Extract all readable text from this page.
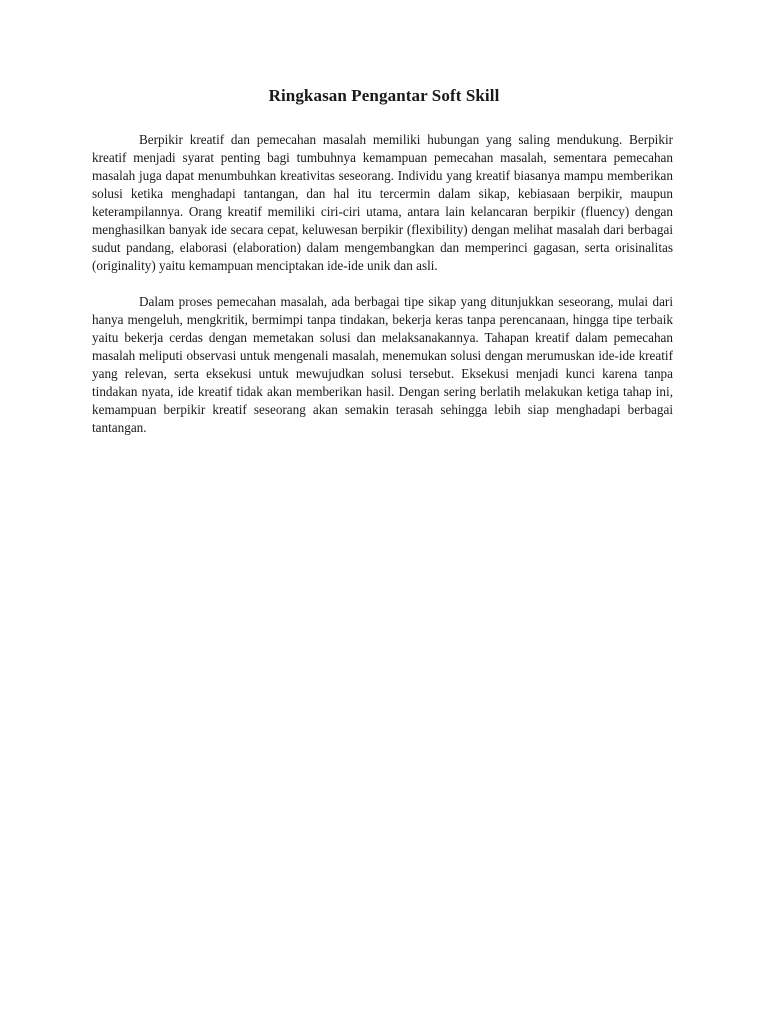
Ringkasan Pengantar Soft Skill

Berpikir kreatif dan pemecahan masalah memiliki hubungan yang saling mendukung. Berpikir kreatif menjadi syarat penting bagi tumbuhnya kemampuan pemecahan masalah, sementara pemecahan masalah juga dapat menumbuhkan kreativitas seseorang. Individu yang kreatif biasanya mampu memberikan solusi ketika menghadapi tantangan, dan hal itu tercermin dalam sikap, kebiasaan berpikir, maupun keterampilannya. Orang kreatif memiliki ciri-ciri utama, antara lain kelancaran berpikir (fluency) dengan menghasilkan banyak ide secara cepat, keluwesan berpikir (flexibility) dengan melihat masalah dari berbagai sudut pandang, elaborasi (elaboration) dalam mengembangkan dan memperinci gagasan, serta orisinalitas (originality) yaitu kemampuan menciptakan ide-ide unik dan asli.

Dalam proses pemecahan masalah, ada berbagai tipe sikap yang ditunjukkan seseorang, mulai dari hanya mengeluh, mengkritik, bermimpi tanpa tindakan, bekerja keras tanpa perencanaan, hingga tipe terbaik yaitu bekerja cerdas dengan memetakan solusi dan melaksanakannya. Tahapan kreatif dalam pemecahan masalah meliputi observasi untuk mengenali masalah, menemukan solusi dengan merumuskan ide-ide kreatif yang relevan, serta eksekusi untuk mewujudkan solusi tersebut. Eksekusi menjadi kunci karena tanpa tindakan nyata, ide kreatif tidak akan memberikan hasil. Dengan sering berlatih melakukan ketiga tahap ini, kemampuan berpikir kreatif seseorang akan semakin terasah sehingga lebih siap menghadapi berbagai tantangan.
